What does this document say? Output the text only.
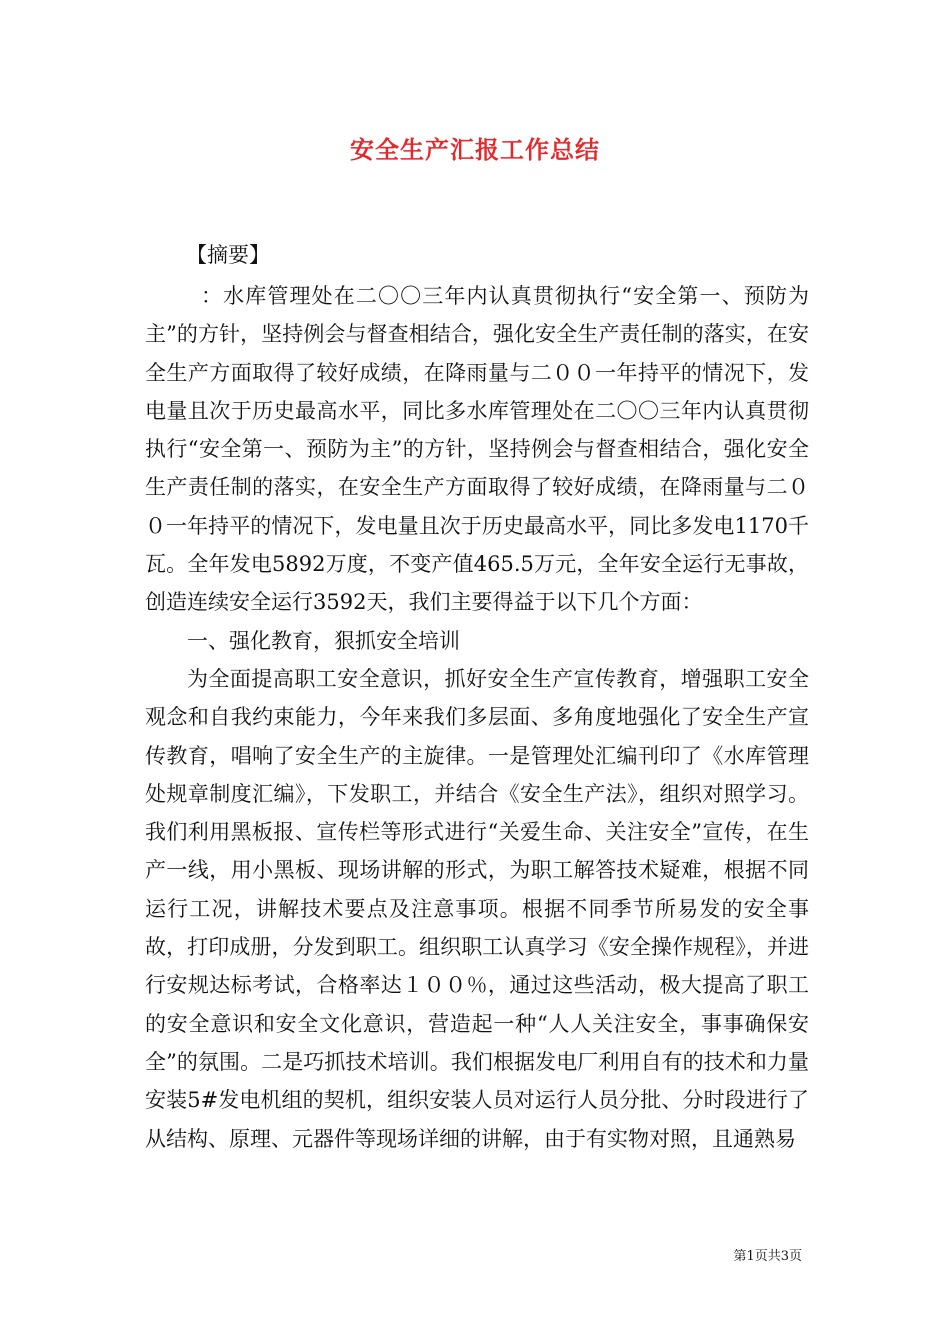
安全生产汇报工作总结
【摘要】

：水库管理处在二〇〇三年内认真贯彻执行“安全第一、预防为主”的方针，坚持例会与督查相结合，强化安全生产责任制的落实，在安全生产方面取得了较好成绩，在降雨量与二００一年持平的情况下，发电量且次于历史最高水平，同比多水库管理处在二〇〇三年内认真贯彻执行“安全第一、预防为主”的方针，坚持例会与督查相结合，强化安全生产责任制的落实，在安全生产方面取得了较好成绩，在降雨量与二００一年持平的情况下，发电量且次于历史最高水平，同比多发电1170千瓦。全年发电5892万度，不变产值465.5万元，全年安全运行无事故，创造连续安全运行3592天，我们主要得益于以下几个方面：

一、强化教育，狠抓安全培训

为全面提高职工安全意识，抓好安全生产宣传教育，增强职工安全观念和自我约束能力，今年来我们多层面、多角度地强化了安全生产宣传教育，唱响了安全生产的主旋律。一是管理处汇编刊印了《水库管理处规章制度汇编》，下发职工，并结合《安全生产法》，组织对照学习。我们利用黑板报、宣传栏等形式进行“关爱生命、关注安全”宣传，在生产一线，用小黑板、现场讲解的形式，为职工解答技术疑难，根据不同运行工况，讲解技术要点及注意事项。根据不同季节所易发的安全事故，打印成册，分发到职工。组织职工认真学习《安全操作规程》，并进行安规达标考试，合格率达１００％，通过这些活动，极大提高了职工的安全意识和安全文化意识，营造起一种“人人关注安全，事事确保安全”的氛围。二是巧抓技术培训。我们根据发电厂利用自有的技术和力量安装5#发电机组的契机，组织安装人员对运行人员分批、分时段进行了从结构、原理、元器件等现场详细的讲解，由于有实物对照，且通熟易

第1页共3页
